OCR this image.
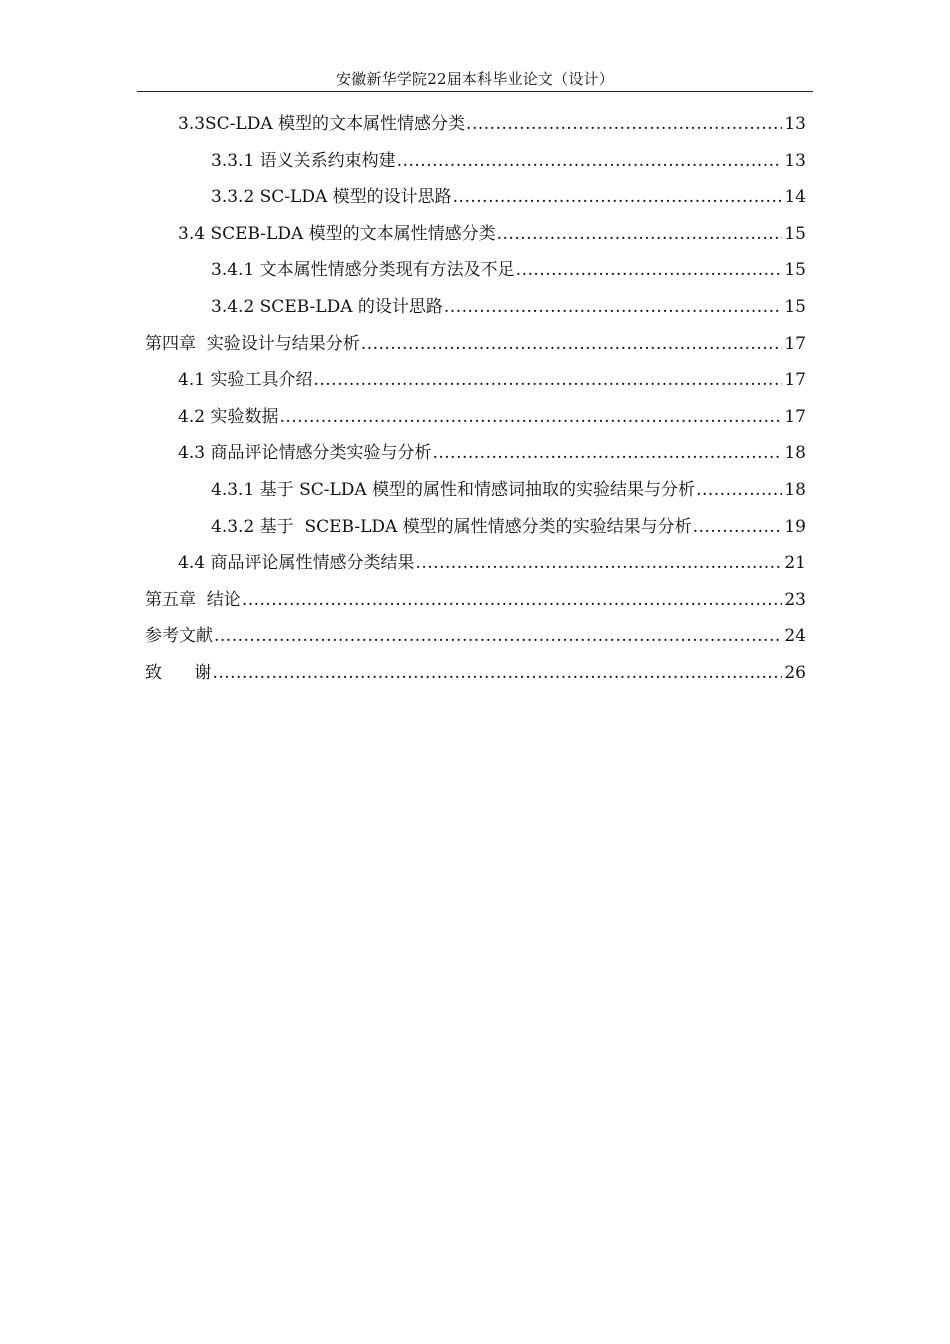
安徽新华学院22届本科毕业论文（设计）
3.3SC-LDA 模型的文本属性情感分类 .....	13
3.3.1 语义关系约束构建 .....	13
3.3.2 SC-LDA 模型的设计思路 .....	14
3.4 SCEB-LDA 模型的文本属性情感分类 .....	15
3.4.1 文本属性情感分类现有方法及不足 .....	15
3.4.2 SCEB-LDA 的设计思路 .....	15
第四章  实验设计与结果分析 .....	17
4.1 实验工具介绍 .....	17
4.2 实验数据 .....	17
4.3 商品评论情感分类实验与分析 .....	18
4.3.1 基于 SC-LDA 模型的属性和情感词抽取的实验结果与分析 .....	18
4.3.2 基于  SCEB-LDA 模型的属性情感分类的实验结果与分析 .....	19
4.4 商品评论属性情感分类结果 .....	21
第五章  结论 .....	23
参考文献 .....	24
致      谢 .....	26
